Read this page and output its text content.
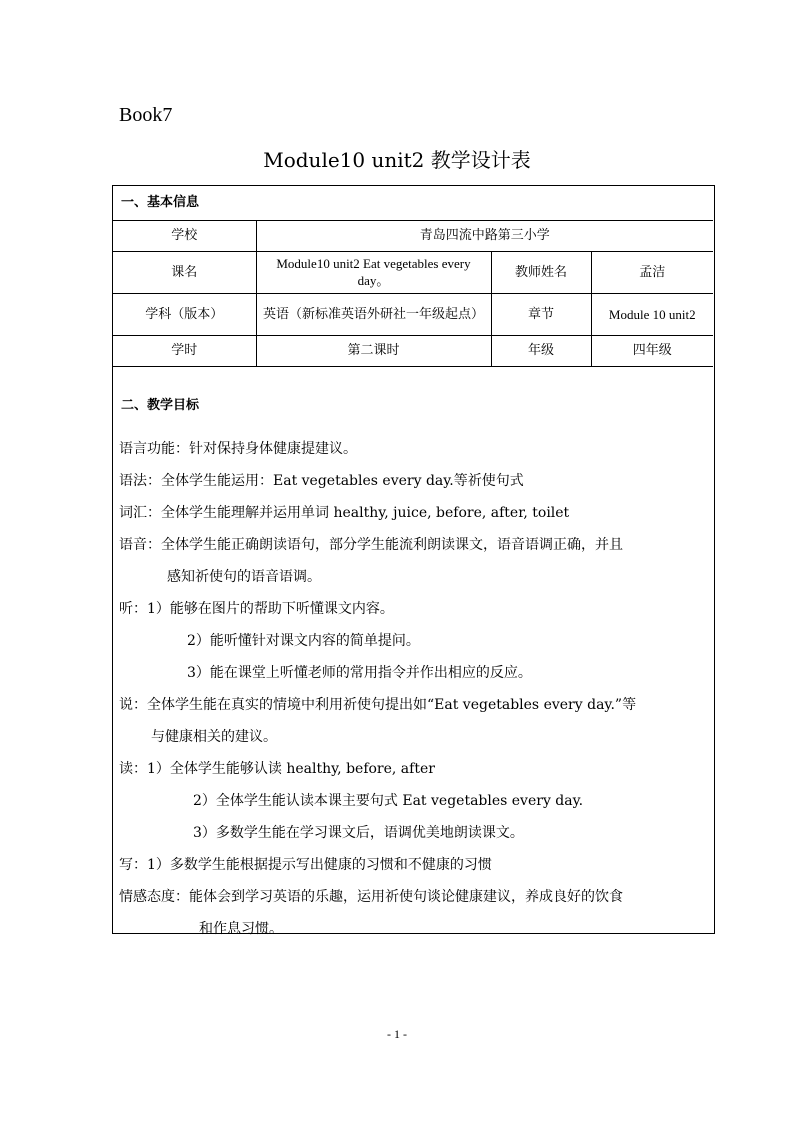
Book7
Module10 unit2 教学设计表
一、基本信息			
学校	青岛四流中路第三小学		
课名	Module10 unit2 Eat vegetables every day。	教师姓名	孟洁
学科（版本）	英语（新标准英语外研社一年级起点）	章节	Module 10 unit2
学时	第二课时	年级	四年级
二、教学目标
语言功能：针对保持身体健康提建议。
语法：全体学生能运用：Eat vegetables every day.等祈使句式
词汇：全体学生能理解并运用单词 healthy, juice, before, after, toilet
语音：全体学生能正确朗读语句，部分学生能流利朗读课文，语音语调正确，并且
感知祈使句的语音语调。
听：1）能够在图片的帮助下听懂课文内容。
2）能听懂针对课文内容的简单提问。
3）能在课堂上听懂老师的常用指令并作出相应的反应。
说：全体学生能在真实的情境中利用祈使句提出如“Eat vegetables every day.”等
与健康相关的建议。
读：1）全体学生能够认读 healthy, before, after
2）全体学生能认读本课主要句式 Eat vegetables every day.
3）多数学生能在学习课文后，语调优美地朗读课文。
写：1）多数学生能根据提示写出健康的习惯和不健康的习惯
情感态度：能体会到学习英语的乐趣，运用祈使句谈论健康建议，养成良好的饮食
和作息习惯。
- 1 -
